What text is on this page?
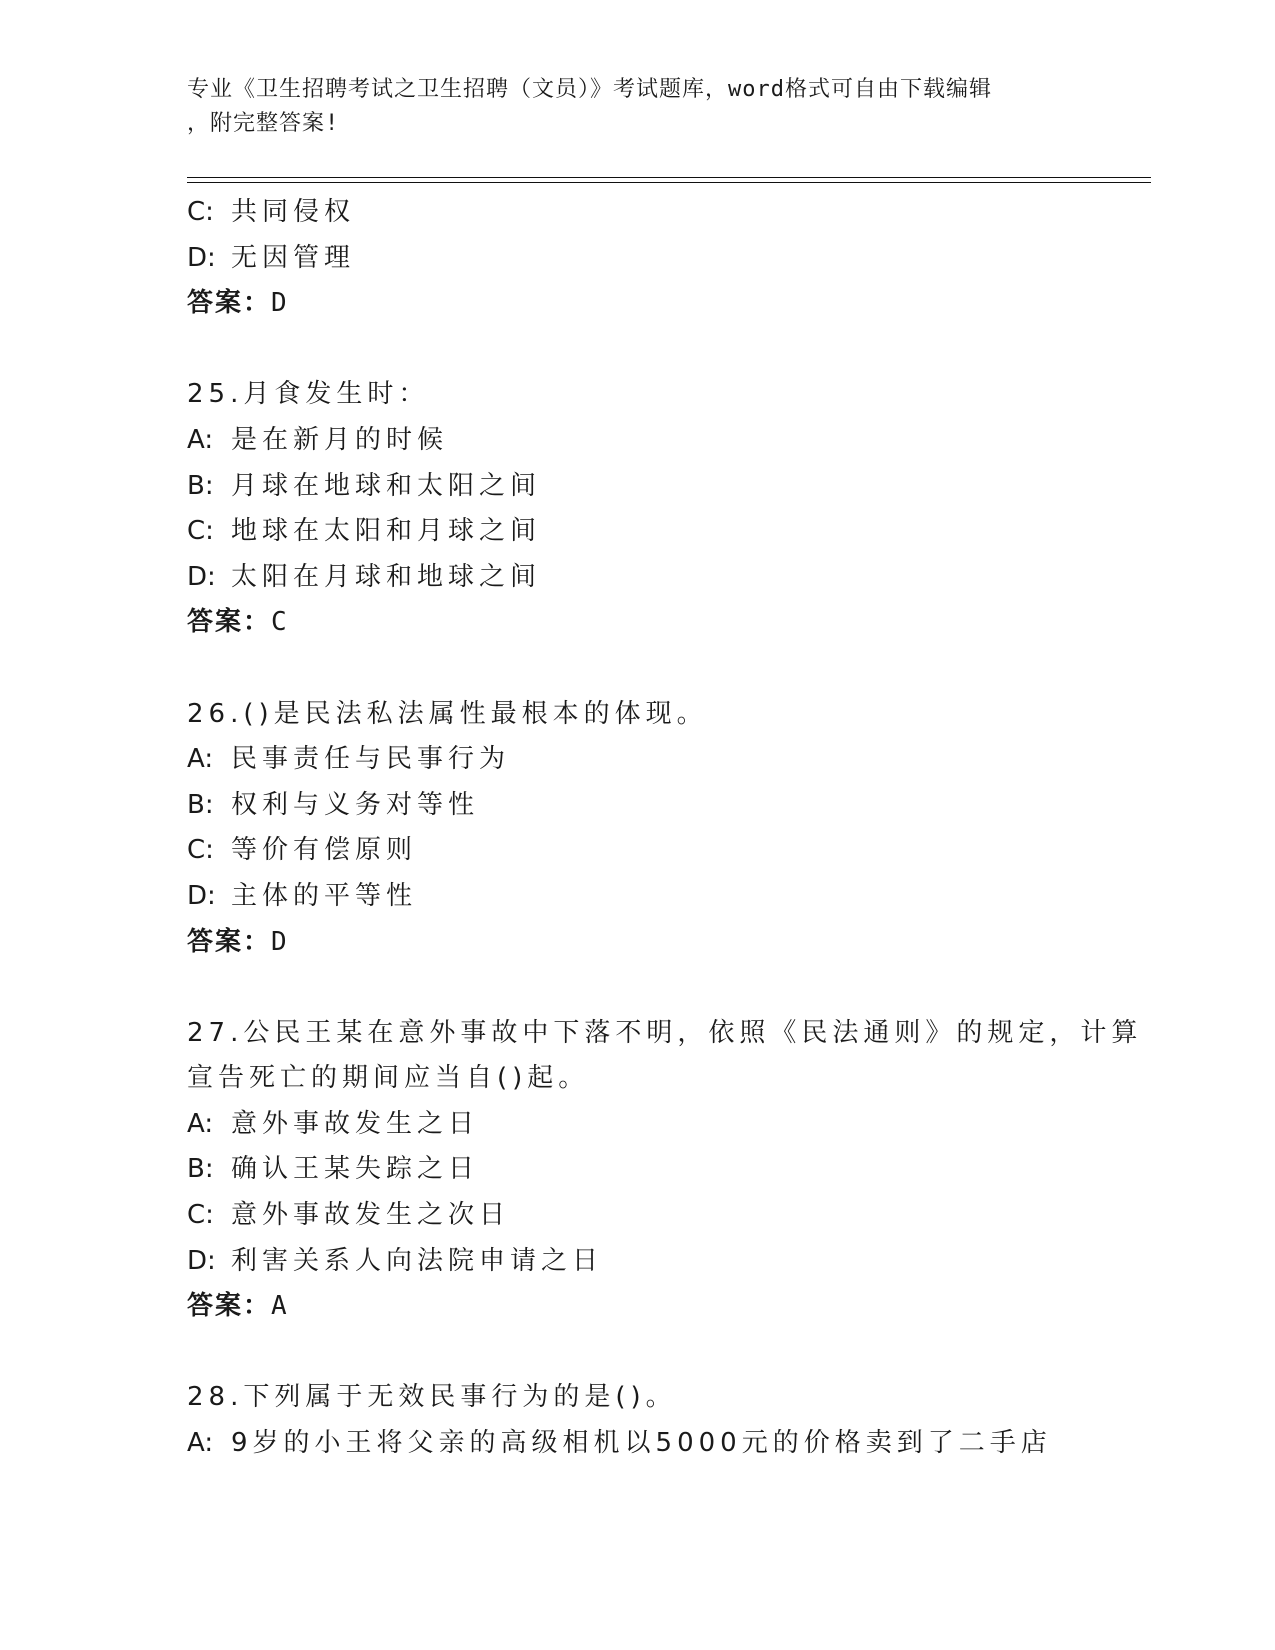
专业《卫生招聘考试之卫生招聘（文员）》考试题库，word格式可自由下载编辑
，附完整答案!
C: 共同侵权
D: 无因管理
答案：D
25.月食发生时：
A: 是在新月的时候
B: 月球在地球和太阳之间
C: 地球在太阳和月球之间
D: 太阳在月球和地球之间
答案：C
26.()是民法私法属性最根本的体现。
A: 民事责任与民事行为
B: 权利与义务对等性
C: 等价有偿原则
D: 主体的平等性
答案：D
27.公民王某在意外事故中下落不明，依照《民法通则》的规定，计算
宣告死亡的期间应当自()起。
A: 意外事故发生之日
B: 确认王某失踪之日
C: 意外事故发生之次日
D: 利害关系人向法院申请之日
答案：A
28.下列属于无效民事行为的是()。
A: 9岁的小王将父亲的高级相机以5000元的价格卖到了二手店
